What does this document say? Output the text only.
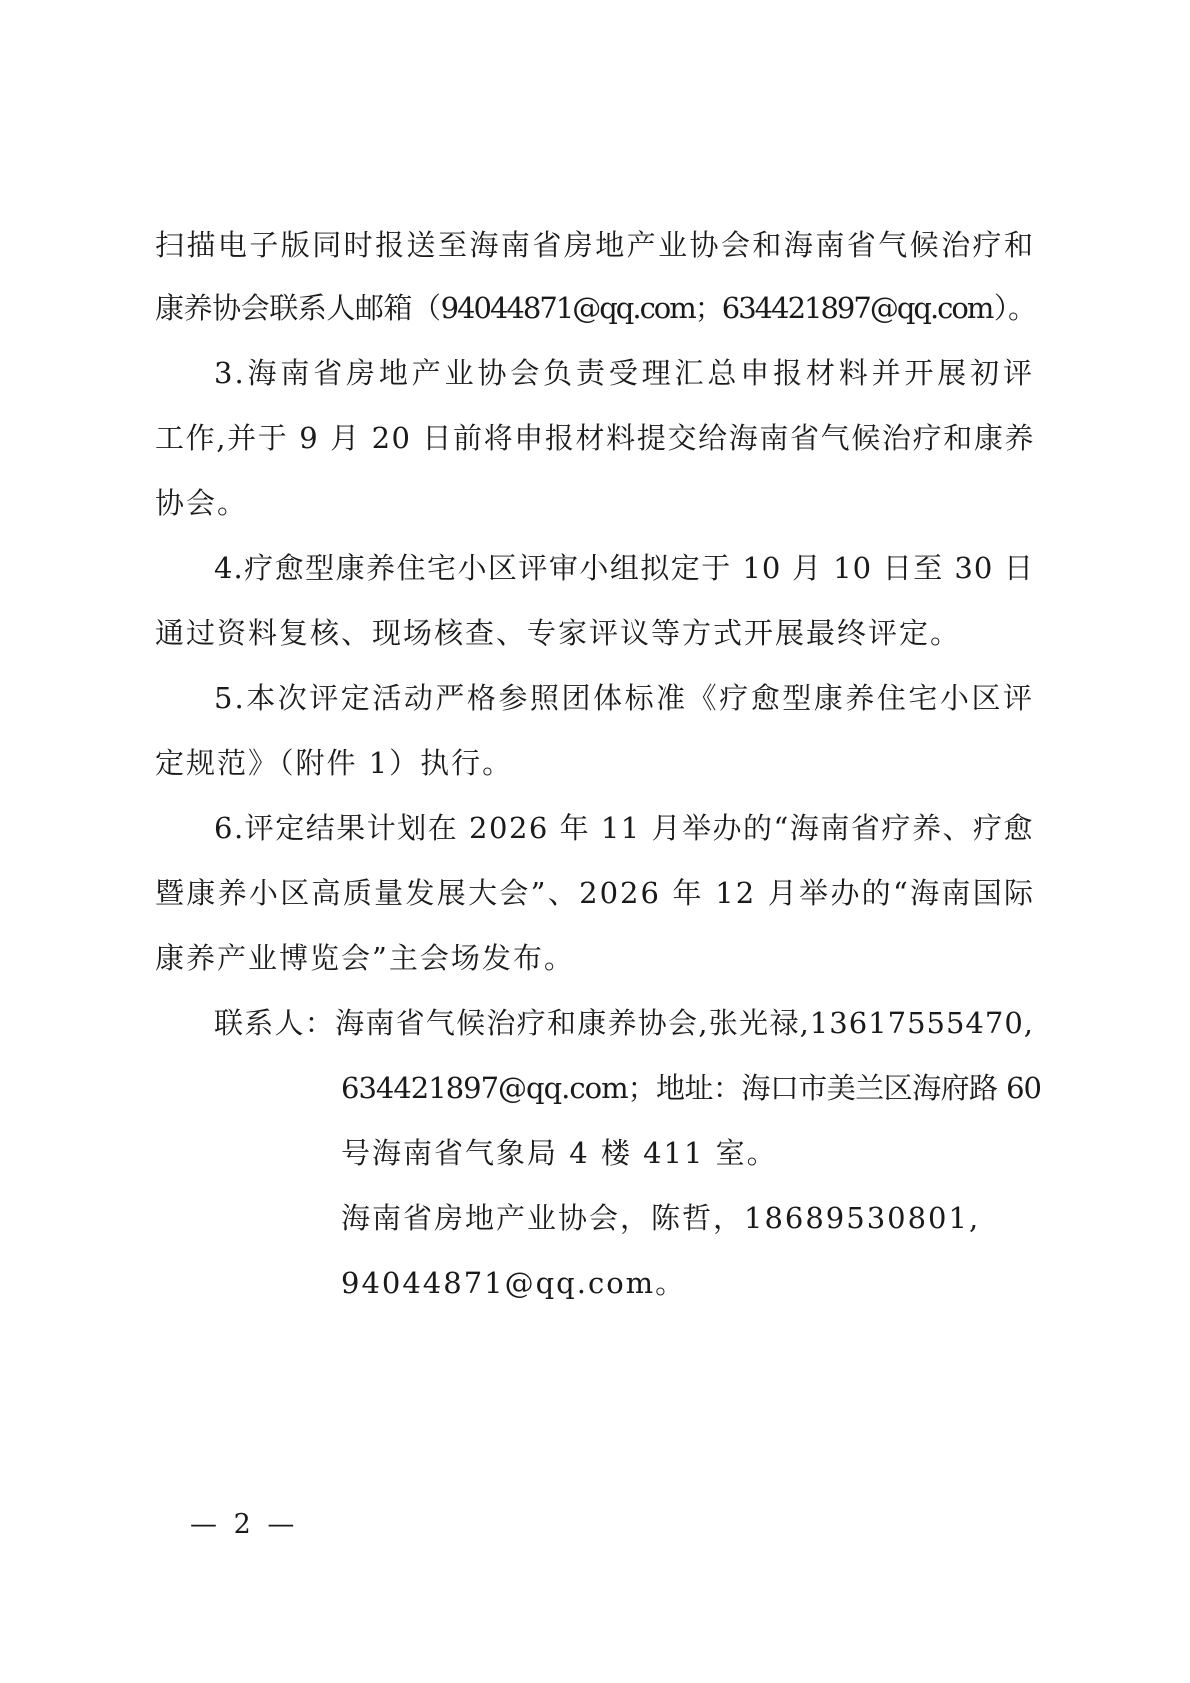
扫描电子版同时报送至海南省房地产业协会和海南省气候治疗和

康养协会联系人邮箱（94044871@qq.com；634421897@qq.com）。

3.海南省房地产业协会负责受理汇总申报材料并开展初评

工作,并于 9 月 20 日前将申报材料提交给海南省气候治疗和康养

协会。

4.疗愈型康养住宅小区评审小组拟定于 10 月 10 日至 30 日

通过资料复核、现场核查、专家评议等方式开展最终评定。

5.本次评定活动严格参照团体标准《疗愈型康养住宅小区评

定规范》（附件 1）执行。

6.评定结果计划在 2026 年 11 月举办的“海南省疗养、疗愈

暨康养小区高质量发展大会”、2026 年 12 月举办的“海南国际

康养产业博览会”主会场发布。

联系人：海南省气候治疗和康养协会,张光禄,13617555470,

634421897@qq.com；地址：海口市美兰区海府路 60

号海南省气象局 4 楼 411 室。

海南省房地产业协会，陈哲，18689530801,

94044871@qq.com。

— 2 —
